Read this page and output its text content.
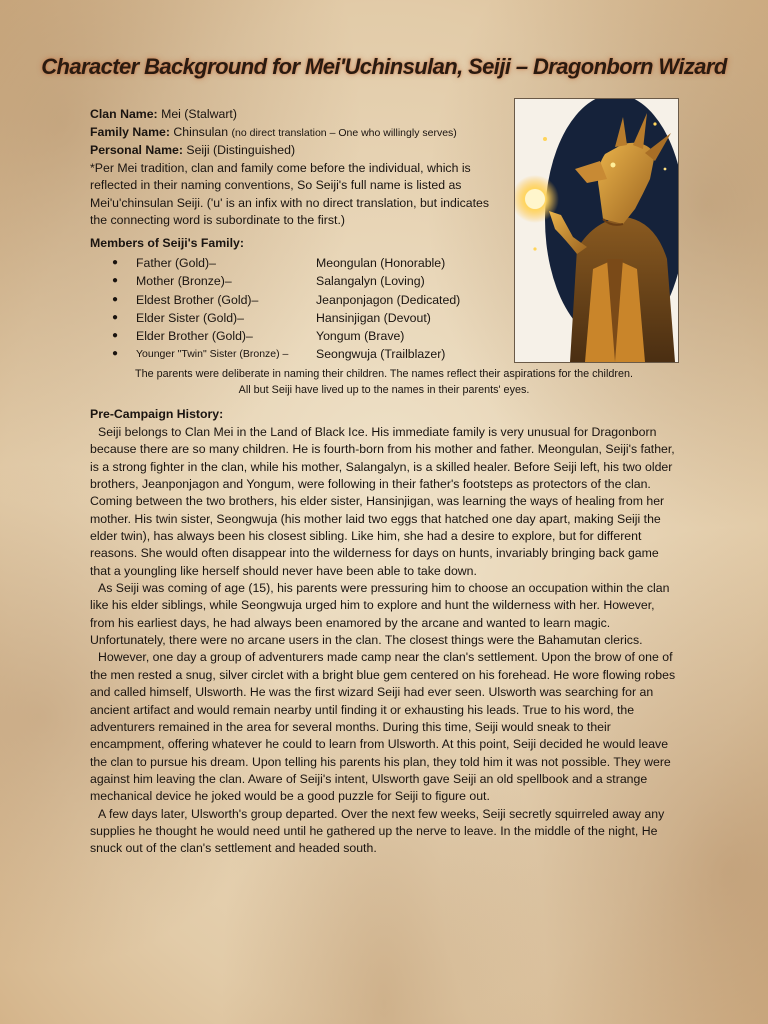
Character Background for Mei'Uchinsulan, Seiji – Dragonborn Wizard

Clan Name: Mei (Stalwart)

Family Name: Chinsulan (no direct translation – One who willingly serves)

Personal Name: Seiji (Distinguished)

*Per Mei tradition, clan and family come before the individual, which is reflected in their naming conventions, So Seiji's full name is listed as Mei'u'chinsulan Seiji. ('u' is an infix with no direct translation, but indicates the connecting word is subordinate to the first.)

Members of Seiji's Family:
● Father (Gold)–	Meongulan (Honorable)
● Mother (Bronze)–	Salangalyn (Loving)
● Eldest Brother (Gold)–	Jeanponjagon (Dedicated)
● Elder Sister (Gold)–	Hansinjigan (Devout)
● Elder Brother (Gold)–	Yongum (Brave)
● Younger "Twin" Sister (Bronze) – Seongwuja (Trailblazer)

The parents were deliberate in naming their children. The names reflect their aspirations for the children.

All but Seiji have lived up to the names in their parents' eyes.

Pre-Campaign History:

Seiji belongs to Clan Mei in the Land of Black Ice. His immediate family is very unusual for Dragonborn because there are so many children. He is fourth-born from his mother and father. Meongulan, Seiji's father, is a strong fighter in the clan, while his mother, Salangalyn, is a skilled healer. Before Seiji left, his two older brothers, Jeanponjagon and Yongum, were following in their father's footsteps as protectors of the clan. Coming between the two brothers, his elder sister, Hansinjigan, was learning the ways of healing from her mother. His twin sister, Seongwuja (his mother laid two eggs that hatched one day apart, making Seiji the elder twin), has always been his closest sibling. Like him, she had a desire to explore, but for different reasons. She would often disappear into the wilderness for days on hunts, invariably bringing back game that a youngling like herself should never have been able to take down.

As Seiji was coming of age (15), his parents were pressuring him to choose an occupation within the clan like his elder siblings, while Seongwuja urged him to explore and hunt the wilderness with her. However, from his earliest days, he had always been enamored by the arcane and wanted to learn magic. Unfortunately, there were no arcane users in the clan. The closest things were the Bahamutan clerics.

However, one day a group of adventurers made camp near the clan's settlement. Upon the brow of one of the men rested a snug, silver circlet with a bright blue gem centered on his forehead. He wore flowing robes and called himself, Ulsworth. He was the first wizard Seiji had ever seen. Ulsworth was searching for an ancient artifact and would remain nearby until finding it or exhausting his leads. True to his word, the adventurers remained in the area for several months. During this time, Seiji would sneak to their encampment, offering whatever he could to learn from Ulsworth. At this point, Seiji decided he would leave the clan to pursue his dream. Upon telling his parents his plan, they told him it was not possible. They were against him leaving the clan. Aware of Seiji's intent, Ulsworth gave Seiji an old spellbook and a strange mechanical device he joked would be a good puzzle for Seiji to figure out.

A few days later, Ulsworth's group departed. Over the next few weeks, Seiji secretly squirreled away any supplies he thought he would need until he gathered up the nerve to leave. In the middle of the night, He snuck out of the clan's settlement and headed south.
